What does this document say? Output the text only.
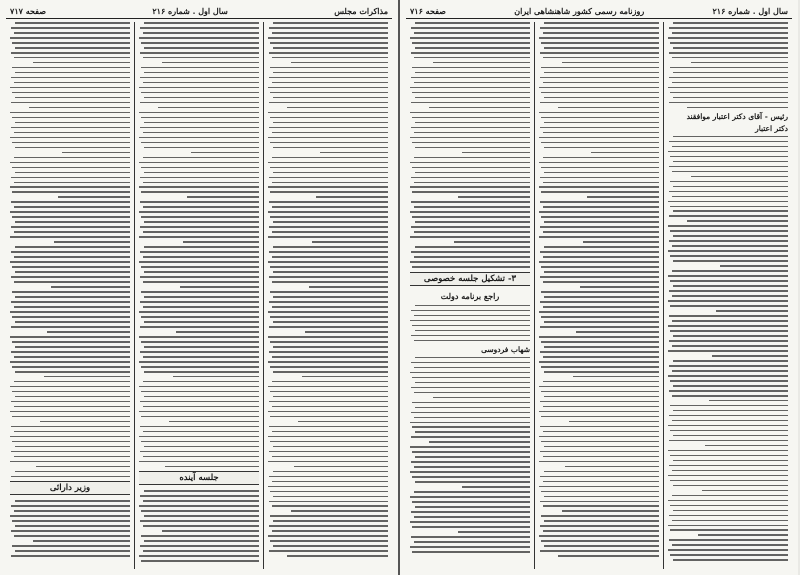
مذاکرات مجلس
سال اول . شماره ۲۱۶
صفحه ۷۱۷
جلسه آینده
وزیر دارائی
سال اول . شماره ۲۱۶
روزنامه رسمی کشور شاهنشاهی ایران
صفحه ۷۱۶
رئیس - آقای دکتر اعتبار موافقند
دکتر اعتبار
۳- تشکیل جلسه خصوصی
راجع برنامه دولت
شهاب فردوسی
